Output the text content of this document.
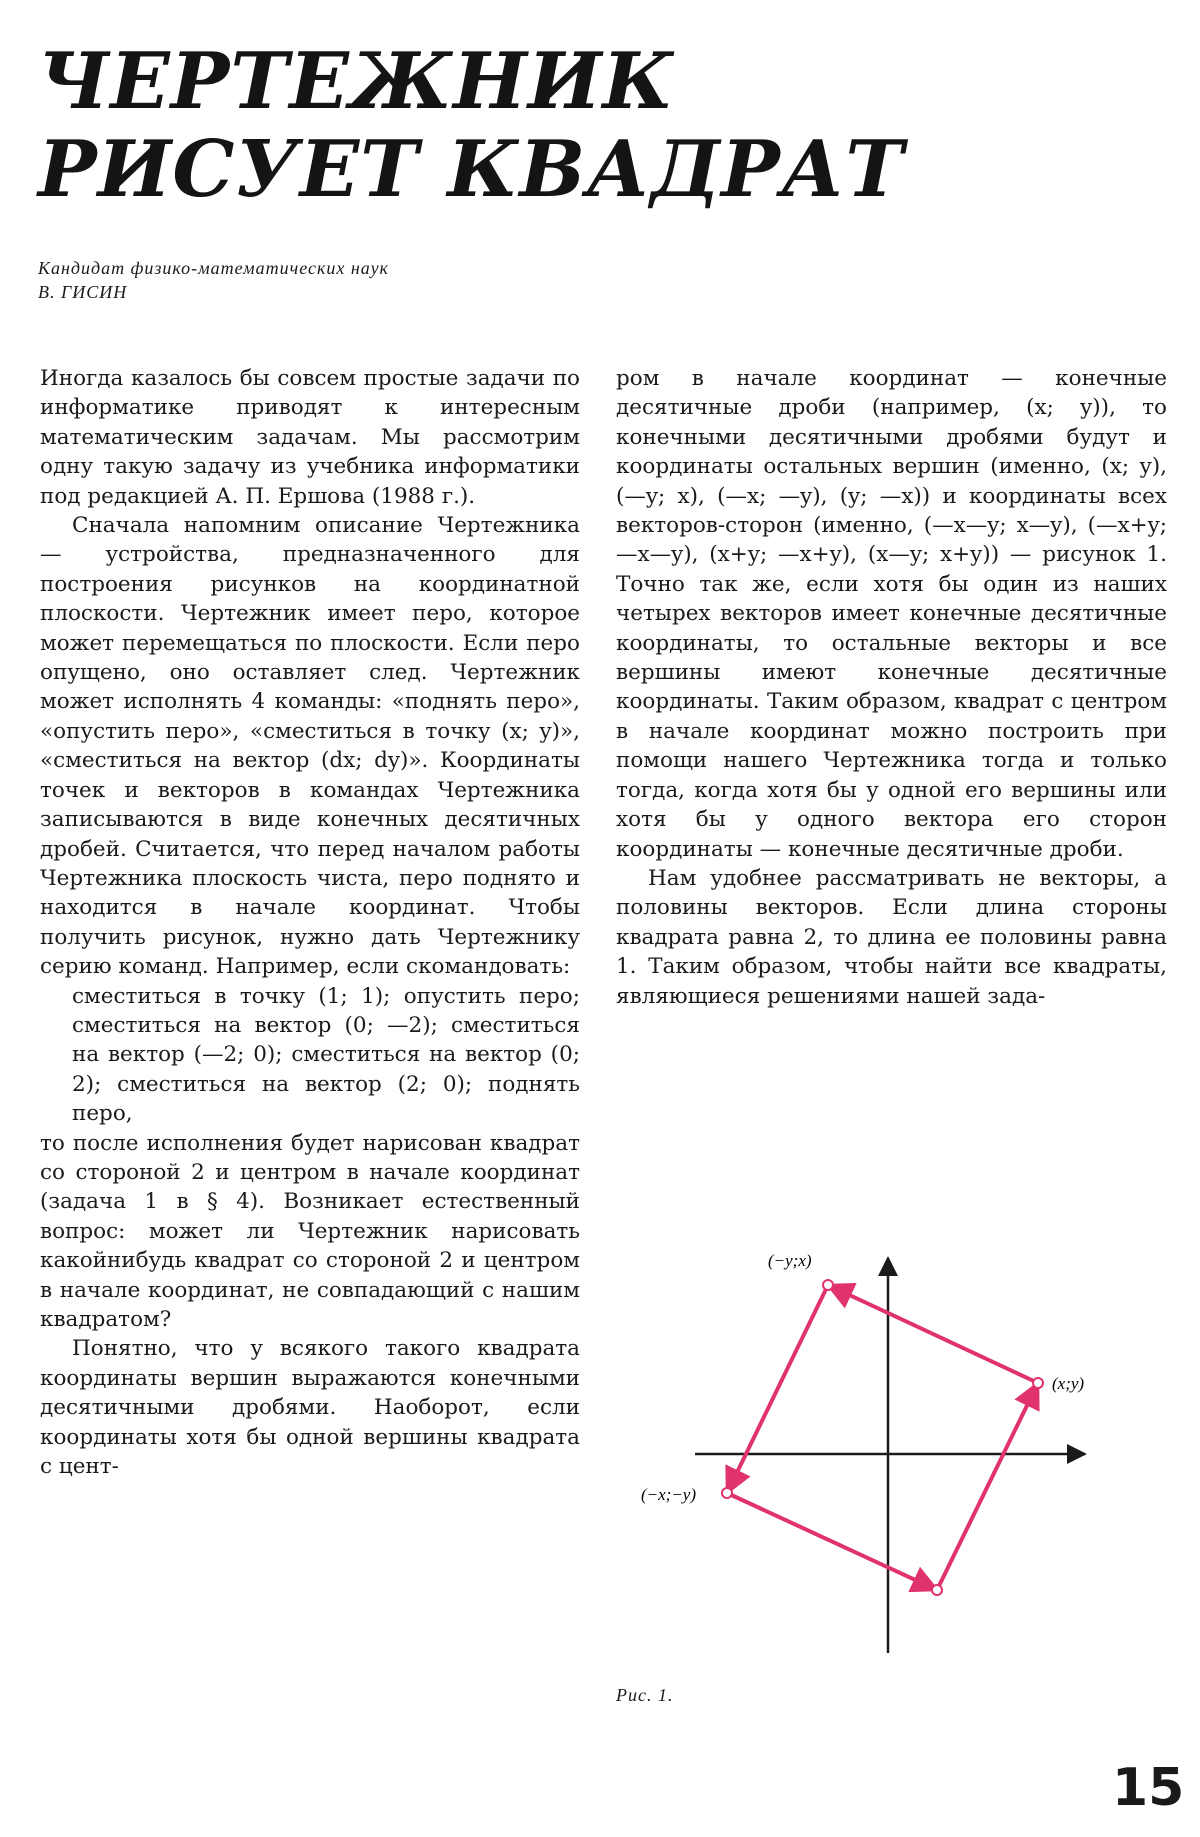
ЧЕРТЕЖНИК
РИСУЕТ КВАДРАТ
Кандидат физико-математических наук
В. ГИСИН

Иногда казалось бы совсем простые задачи по информатике приводят к интересным математическим задачам. Мы рассмотрим одну такую задачу из учебника информатики под редакцией А. П. Ершова (1988 г.).

Сначала напомним описание Чертежника — устройства, предназначенного для построения рисунков на координатной плоскости. Чертежник имеет перо, которое может перемещаться по плоскости. Если перо опущено, оно оставляет след. Чертежник может исполнять 4 команды: «поднять перо», «опустить перо», «сместиться в точку (x; y)», «сместиться на вектор (dx; dy)». Координаты точек и векторов в командах Чертежника записываются в виде конечных десятичных дробей. Считается, что перед началом работы Чертежника плоскость чиста, перо поднято и находится в начале координат. Чтобы получить рисунок, нужно дать Чертежнику серию команд. Например, если скомандовать:

сместиться в точку (1; 1); опустить перо; сместиться на вектор (0; —2); сместиться на вектор (—2; 0); сместиться на вектор (0; 2); сместиться на вектор (2; 0); поднять перо,

то после исполнения будет нарисован квадрат со стороной 2 и центром в начале координат (задача 1 в § 4). Возникает естественный вопрос: может ли Чертежник нарисовать какойнибудь квадрат со стороной 2 и центром в начале координат, не совпадающий с нашим квадратом?

Понятно, что у всякого такого квадрата координаты вершин выражаются конечными десятичными дробями. Наоборот, если координаты хотя бы одной вершины квадрата с цент-

ром в начале координат — конечные десятичные дроби (например, (x; y)), то конечными десятичными дробями будут и координаты остальных вершин (именно, (x; y), (—y; x), (—x; —y), (y; —x)) и координаты всех векторов-сторон (именно, (—x—y; x—y), (—x+y; —x—y), (x+y; —x+y), (x—y; x+y)) — рисунок 1. Точно так же, если хотя бы один из наших четырех векторов имеет конечные десятичные координаты, то остальные векторы и все вершины имеют конечные десятичные координаты. Таким образом, квадрат с центром в начале координат можно построить при помощи нашего Чертежника тогда и только тогда, когда хотя бы у одной его вершины или хотя бы у одного вектора его сторон координаты — конечные десятичные дроби.

Нам удобнее рассматривать не векторы, а половины векторов. Если длина стороны квадрата равна 2, то длина ее половины равна 1. Таким образом, чтобы найти все квадраты, являющиеся решениями нашей зада-

(−y;x)
(x;y)
(−x;−y)
Рис. 1.
15
